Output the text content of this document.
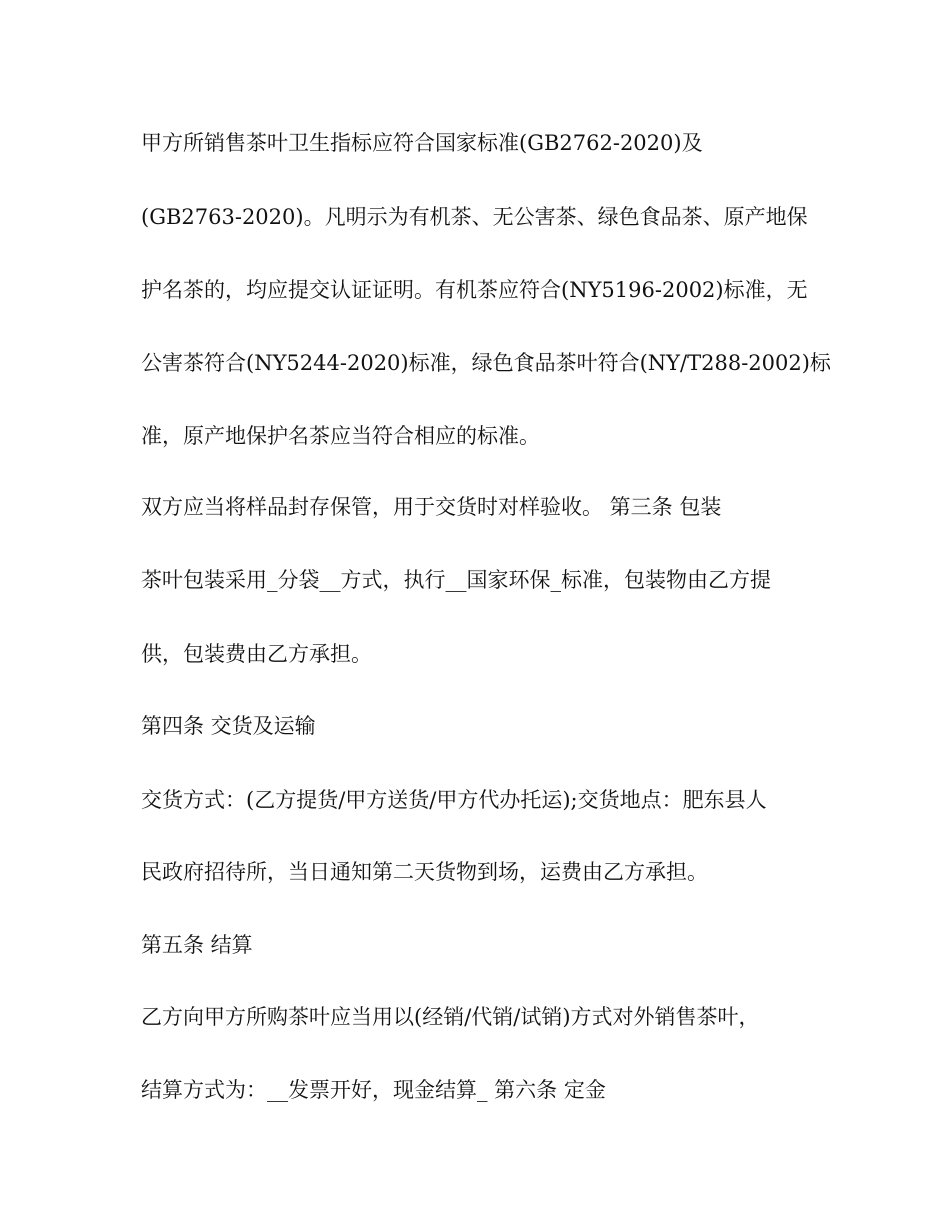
甲方所销售茶叶卫生指标应符合国家标准(GB2762-2020)及

(GB2763-2020)。凡明示为有机茶、无公害茶、绿色食品茶、原产地保

护名茶的，均应提交认证证明。有机茶应符合(NY5196-2002)标准，无

公害茶符合(NY5244-2020)标准，绿色食品茶叶符合(NY/T288-2002)标

准，原产地保护名茶应当符合相应的标准。

双方应当将样品封存保管，用于交货时对样验收。 第三条 包装

茶叶包装采用_分袋__方式，执行__国家环保_标准，包装物由乙方提

供，包装费由乙方承担。

第四条 交货及运输

交货方式：(乙方提货/甲方送货/甲方代办托运);交货地点：肥东县人

民政府招待所，当日通知第二天货物到场，运费由乙方承担。

第五条 结算

乙方向甲方所购茶叶应当用以(经销/代销/试销)方式对外销售茶叶，

结算方式为：__发票开好，现金结算_ 第六条 定金
